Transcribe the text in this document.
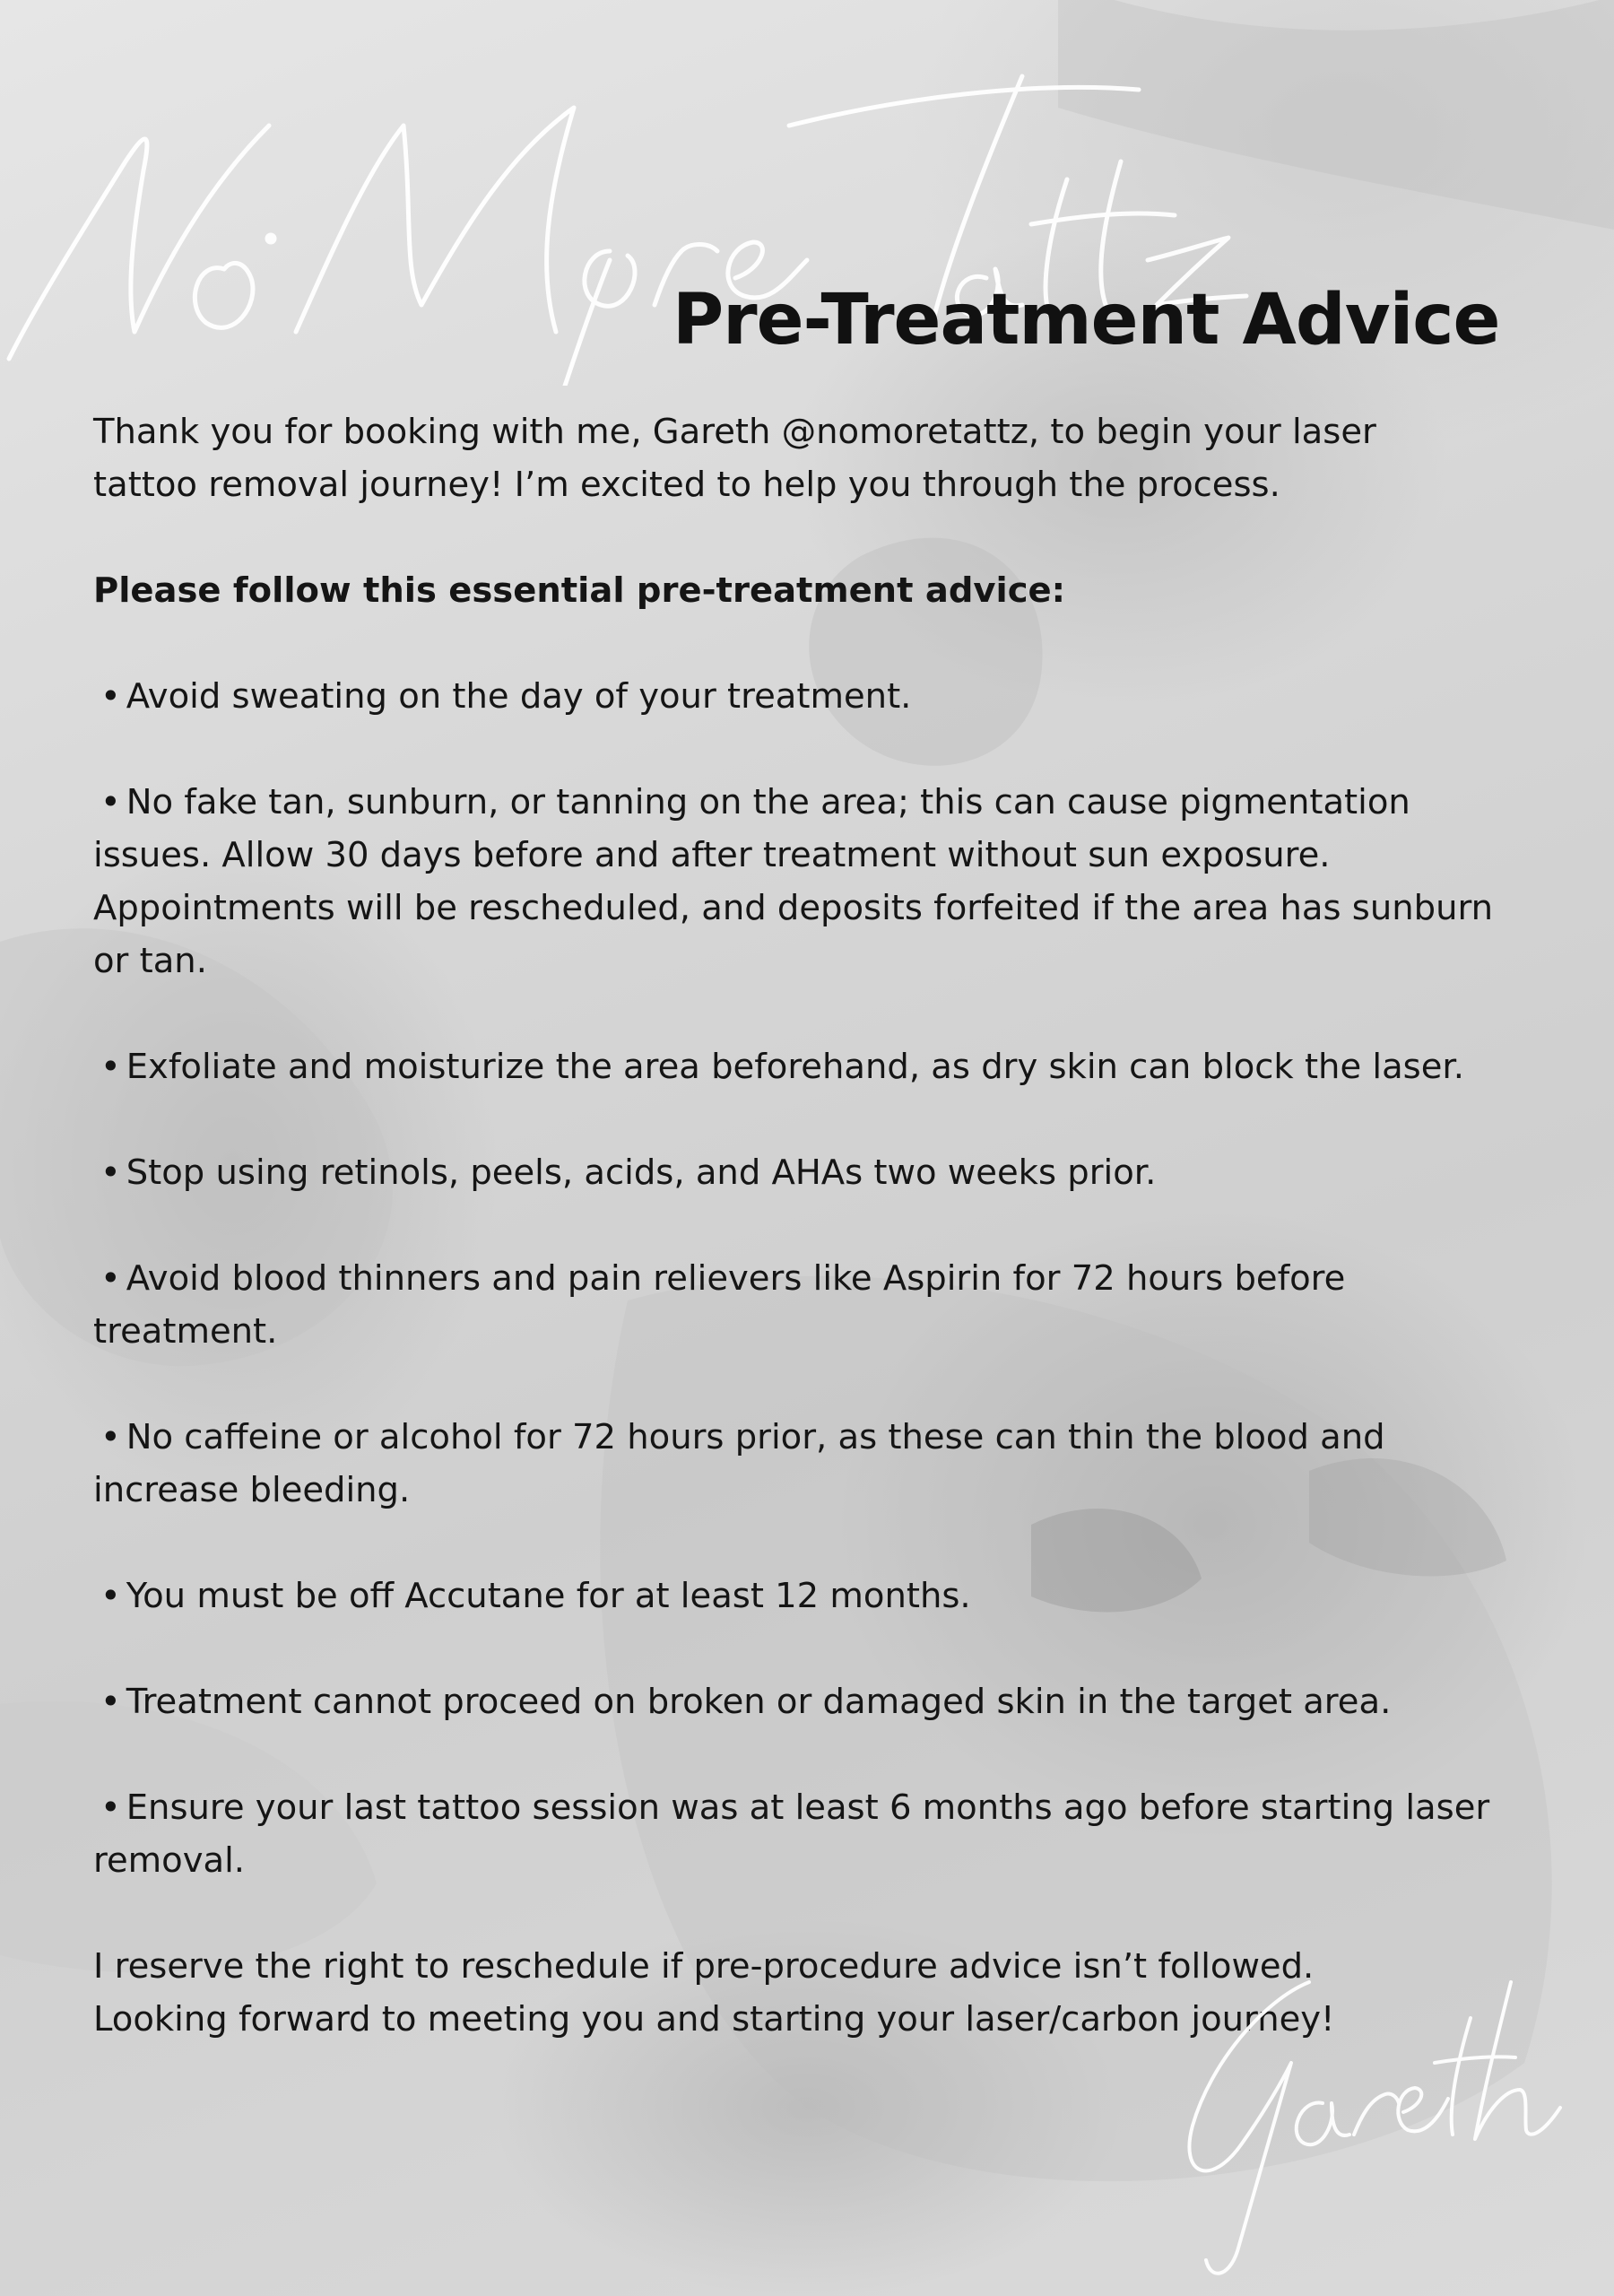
Pre-Treatment Advice

Thank you for booking with me, Gareth @nomoretattz, to begin your laser
tattoo removal journey! I’m excited to help you through the process.

Please follow this essential pre-treatment advice:

• Avoid sweating on the day of your treatment.
• No fake tan, sunburn, or tanning on the area; this can cause pigmentation issues. Allow 30 days before and after treatment without sun exposure. Appointments will be rescheduled, and deposits forfeited if the area has sunburn or tan.
• Exfoliate and moisturize the area beforehand, as dry skin can block the laser.
• Stop using retinols, peels, acids, and AHAs two weeks prior.
• Avoid blood thinners and pain relievers like Aspirin for 72 hours before treatment.
• No caffeine or alcohol for 72 hours prior, as these can thin the blood and increase bleeding.
• You must be off Accutane for at least 12 months.
• Treatment cannot proceed on broken or damaged skin in the target area.
• Ensure your last tattoo session was at least 6 months ago before starting laser removal.

I reserve the right to reschedule if pre-procedure advice isn’t followed.
Looking forward to meeting you and starting your laser/carbon journey!
